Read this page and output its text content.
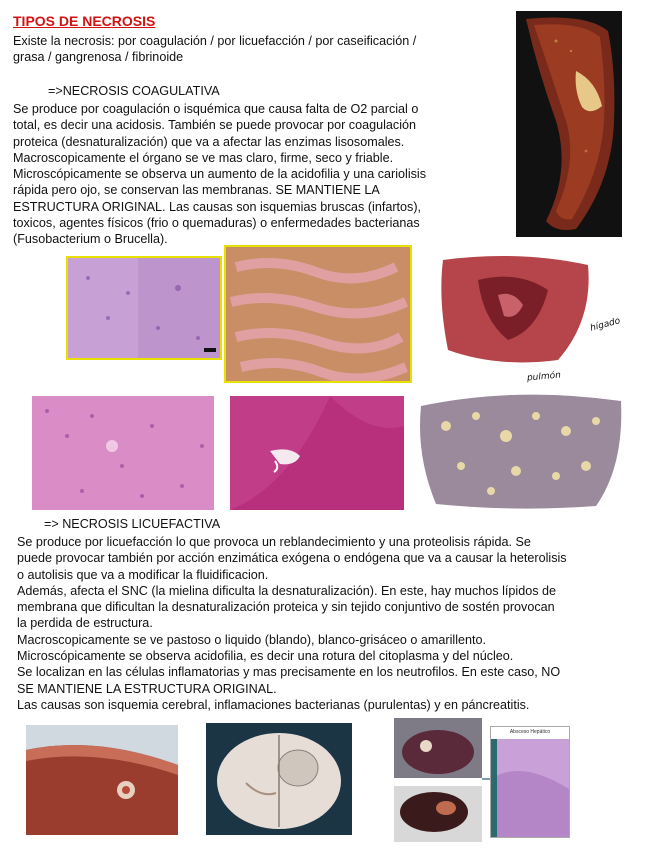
TIPOS DE NECROSIS
Existe la necrosis: por coagulación / por licuefacción / por caseificación /
grasa / gangrenosa / fibrinoide
=>NECROSIS COAGULATIVA
Se produce por coagulación o isquémica que causa falta de O2 parcial o
total, es decir una acidosis. También se puede provocar por coagulación
proteica (desnaturalización) que va a afectar las enzimas lisosomales.
Macroscopicamente el órgano se ve mas claro, firme, seco y friable.
Microscópicamente se observa un aumento de la acidofilia y una cariolisis
rápida pero ojo, se conservan las membranas. SE MANTIENE LA
ESTRUCTURA ORIGINAL. Las causas son isquemias bruscas (infartos),
toxicos, agentes físicos (frio o quemaduras) o enfermedades bacterianas
(Fusobacterium o Brucella).
hígado
pulmón
=> NECROSIS LICUEFACTIVA
Se produce por licuefacción lo que provoca un reblandecimiento y una proteolisis rápida. Se
puede provocar también por acción enzimática exógena o endógena que va a causar la heterolisis
o autolisis que va a modificar la fluidificacion.
Además, afecta el SNC (la mielina dificulta la desnaturalización). En este, hay muchos lípidos de
membrana que dificultan la desnaturalización proteica y sin tejido conjuntivo de sostén provocan
la perdida de estructura.
Macroscopicamente se ve pastoso o liquido (blando), blanco-grisáceo o amarillento.
Microscópicamente se observa acidofilia, es decir una rotura del citoplasma y del núcleo.
Se localizan en las células inflamatorias y mas precisamente en los neutrofilos. En este caso, NO
SE MANTIENE LA ESTRUCTURA ORIGINAL.
Las causas son isquemia cerebral, inflamaciones bacterianas (purulentas) y en páncreatitis.
Absceso Hepático
